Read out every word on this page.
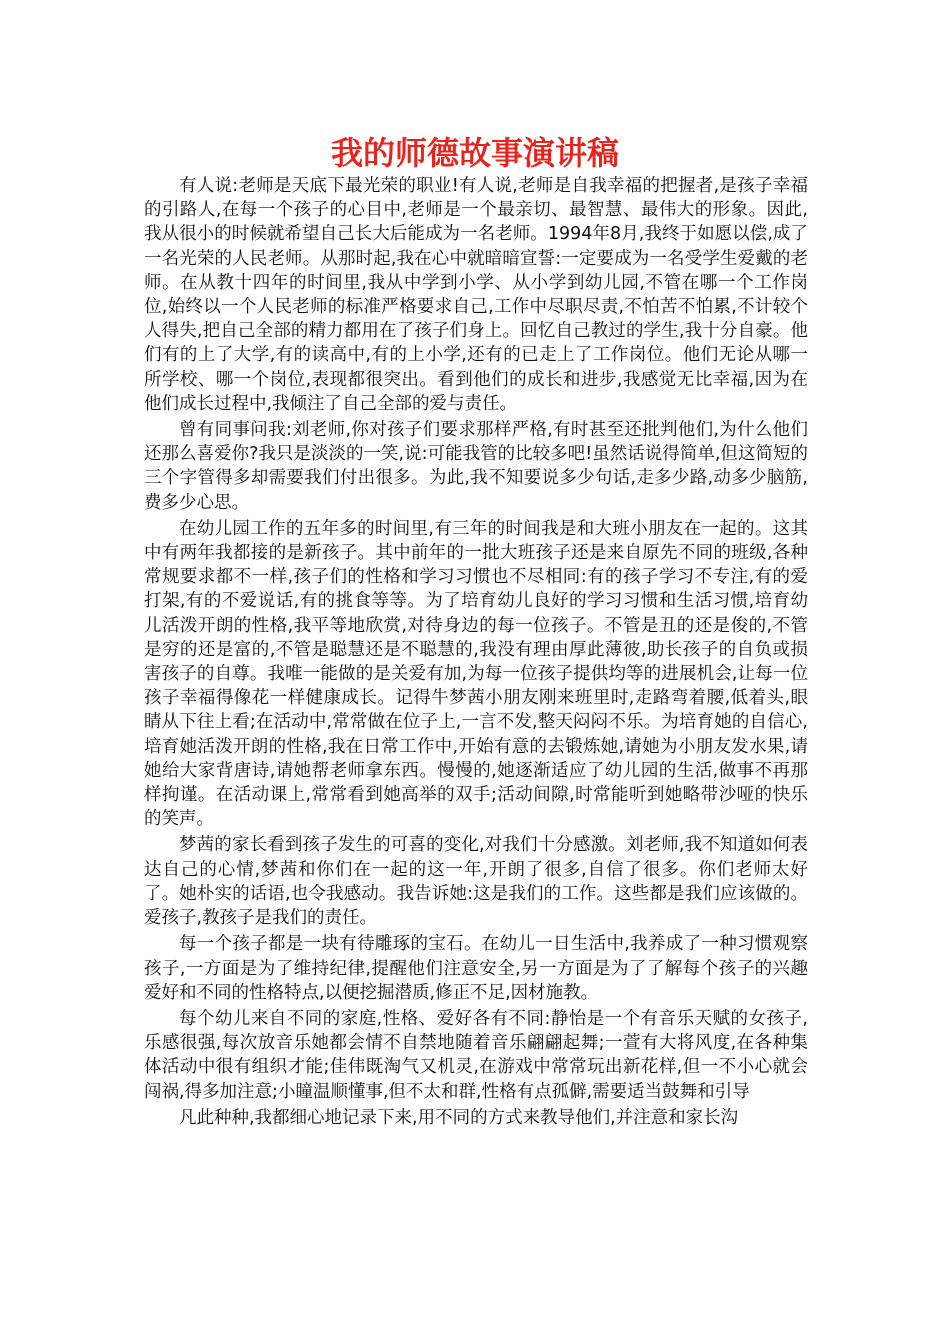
我的师德故事演讲稿

有人说:老师是天底下最光荣的职业!有人说,老师是自我幸福的把握者,是孩子幸福的引路人,在每一个孩子的心目中,老师是一个最亲切、最智慧、最伟大的形象。因此,我从很小的时候就希望自己长大后能成为一名老师。1994年8月,我终于如愿以偿,成了一名光荣的人民老师。从那时起,我在心中就暗暗宣誓:一定要成为一名受学生爱戴的老师。在从教十四年的时间里,我从中学到小学、从小学到幼儿园,不管在哪一个工作岗位,始终以一个人民老师的标准严格要求自己,工作中尽职尽责,不怕苦不怕累,不计较个人得失,把自己全部的精力都用在了孩子们身上。回忆自己教过的学生,我十分自豪。他们有的上了大学,有的读高中,有的上小学,还有的已走上了工作岗位。他们无论从哪一所学校、哪一个岗位,表现都很突出。看到他们的成长和进步,我感觉无比幸福,因为在他们成长过程中,我倾注了自己全部的爱与责任。

曾有同事问我:刘老师,你对孩子们要求那样严格,有时甚至还批判他们,为什么他们还那么喜爱你?我只是淡淡的一笑,说:可能我管的比较多吧!虽然话说得简单,但这简短的三个字管得多却需要我们付出很多。为此,我不知要说多少句话,走多少路,动多少脑筋,费多少心思。

在幼儿园工作的五年多的时间里,有三年的时间我是和大班小朋友在一起的。这其中有两年我都接的是新孩子。其中前年的一批大班孩子还是来自原先不同的班级,各种常规要求都不一样,孩子们的性格和学习习惯也不尽相同:有的孩子学习不专注,有的爱打架,有的不爱说话,有的挑食等等。为了培育幼儿良好的学习习惯和生活习惯,培育幼儿活泼开朗的性格,我平等地欣赏,对待身边的每一位孩子。不管是丑的还是俊的,不管是穷的还是富的,不管是聪慧还是不聪慧的,我没有理由厚此薄彼,助长孩子的自负或损害孩子的自尊。我唯一能做的是关爱有加,为每一位孩子提供均等的进展机会,让每一位孩子幸福得像花一样健康成长。记得牛梦茜小朋友刚来班里时,走路弯着腰,低着头,眼睛从下往上看;在活动中,常常做在位子上,一言不发,整天闷闷不乐。为培育她的自信心,培育她活泼开朗的性格,我在日常工作中,开始有意的去锻炼她,请她为小朋友发水果,请她给大家背唐诗,请她帮老师拿东西。慢慢的,她逐渐适应了幼儿园的生活,做事不再那样拘谨。在活动课上,常常看到她高举的双手;活动间隙,时常能听到她略带沙哑的快乐的笑声。

梦茜的家长看到孩子发生的可喜的变化,对我们十分感激。刘老师,我不知道如何表达自己的心情,梦茜和你们在一起的这一年,开朗了很多,自信了很多。你们老师太好了。她朴实的话语,也令我感动。我告诉她:这是我们的工作。这些都是我们应该做的。爱孩子,教孩子是我们的责任。

每一个孩子都是一块有待雕琢的宝石。在幼儿一日生活中,我养成了一种习惯观察孩子,一方面是为了维持纪律,提醒他们注意安全,另一方面是为了了解每个孩子的兴趣爱好和不同的性格特点,以便挖掘潜质,修正不足,因材施教。

每个幼儿来自不同的家庭,性格、爱好各有不同:静怡是一个有音乐天赋的女孩子,乐感很强,每次放音乐她都会情不自禁地随着音乐翩翩起舞;一萱有大将风度,在各种集体活动中很有组织才能;佳伟既淘气又机灵,在游戏中常常玩出新花样,但一不小心就会闯祸,得多加注意;小瞳温顺懂事,但不太和群,性格有点孤僻,需要适当鼓舞和引导

凡此种种,我都细心地记录下来,用不同的方式来教导他们,并注意和家长沟
